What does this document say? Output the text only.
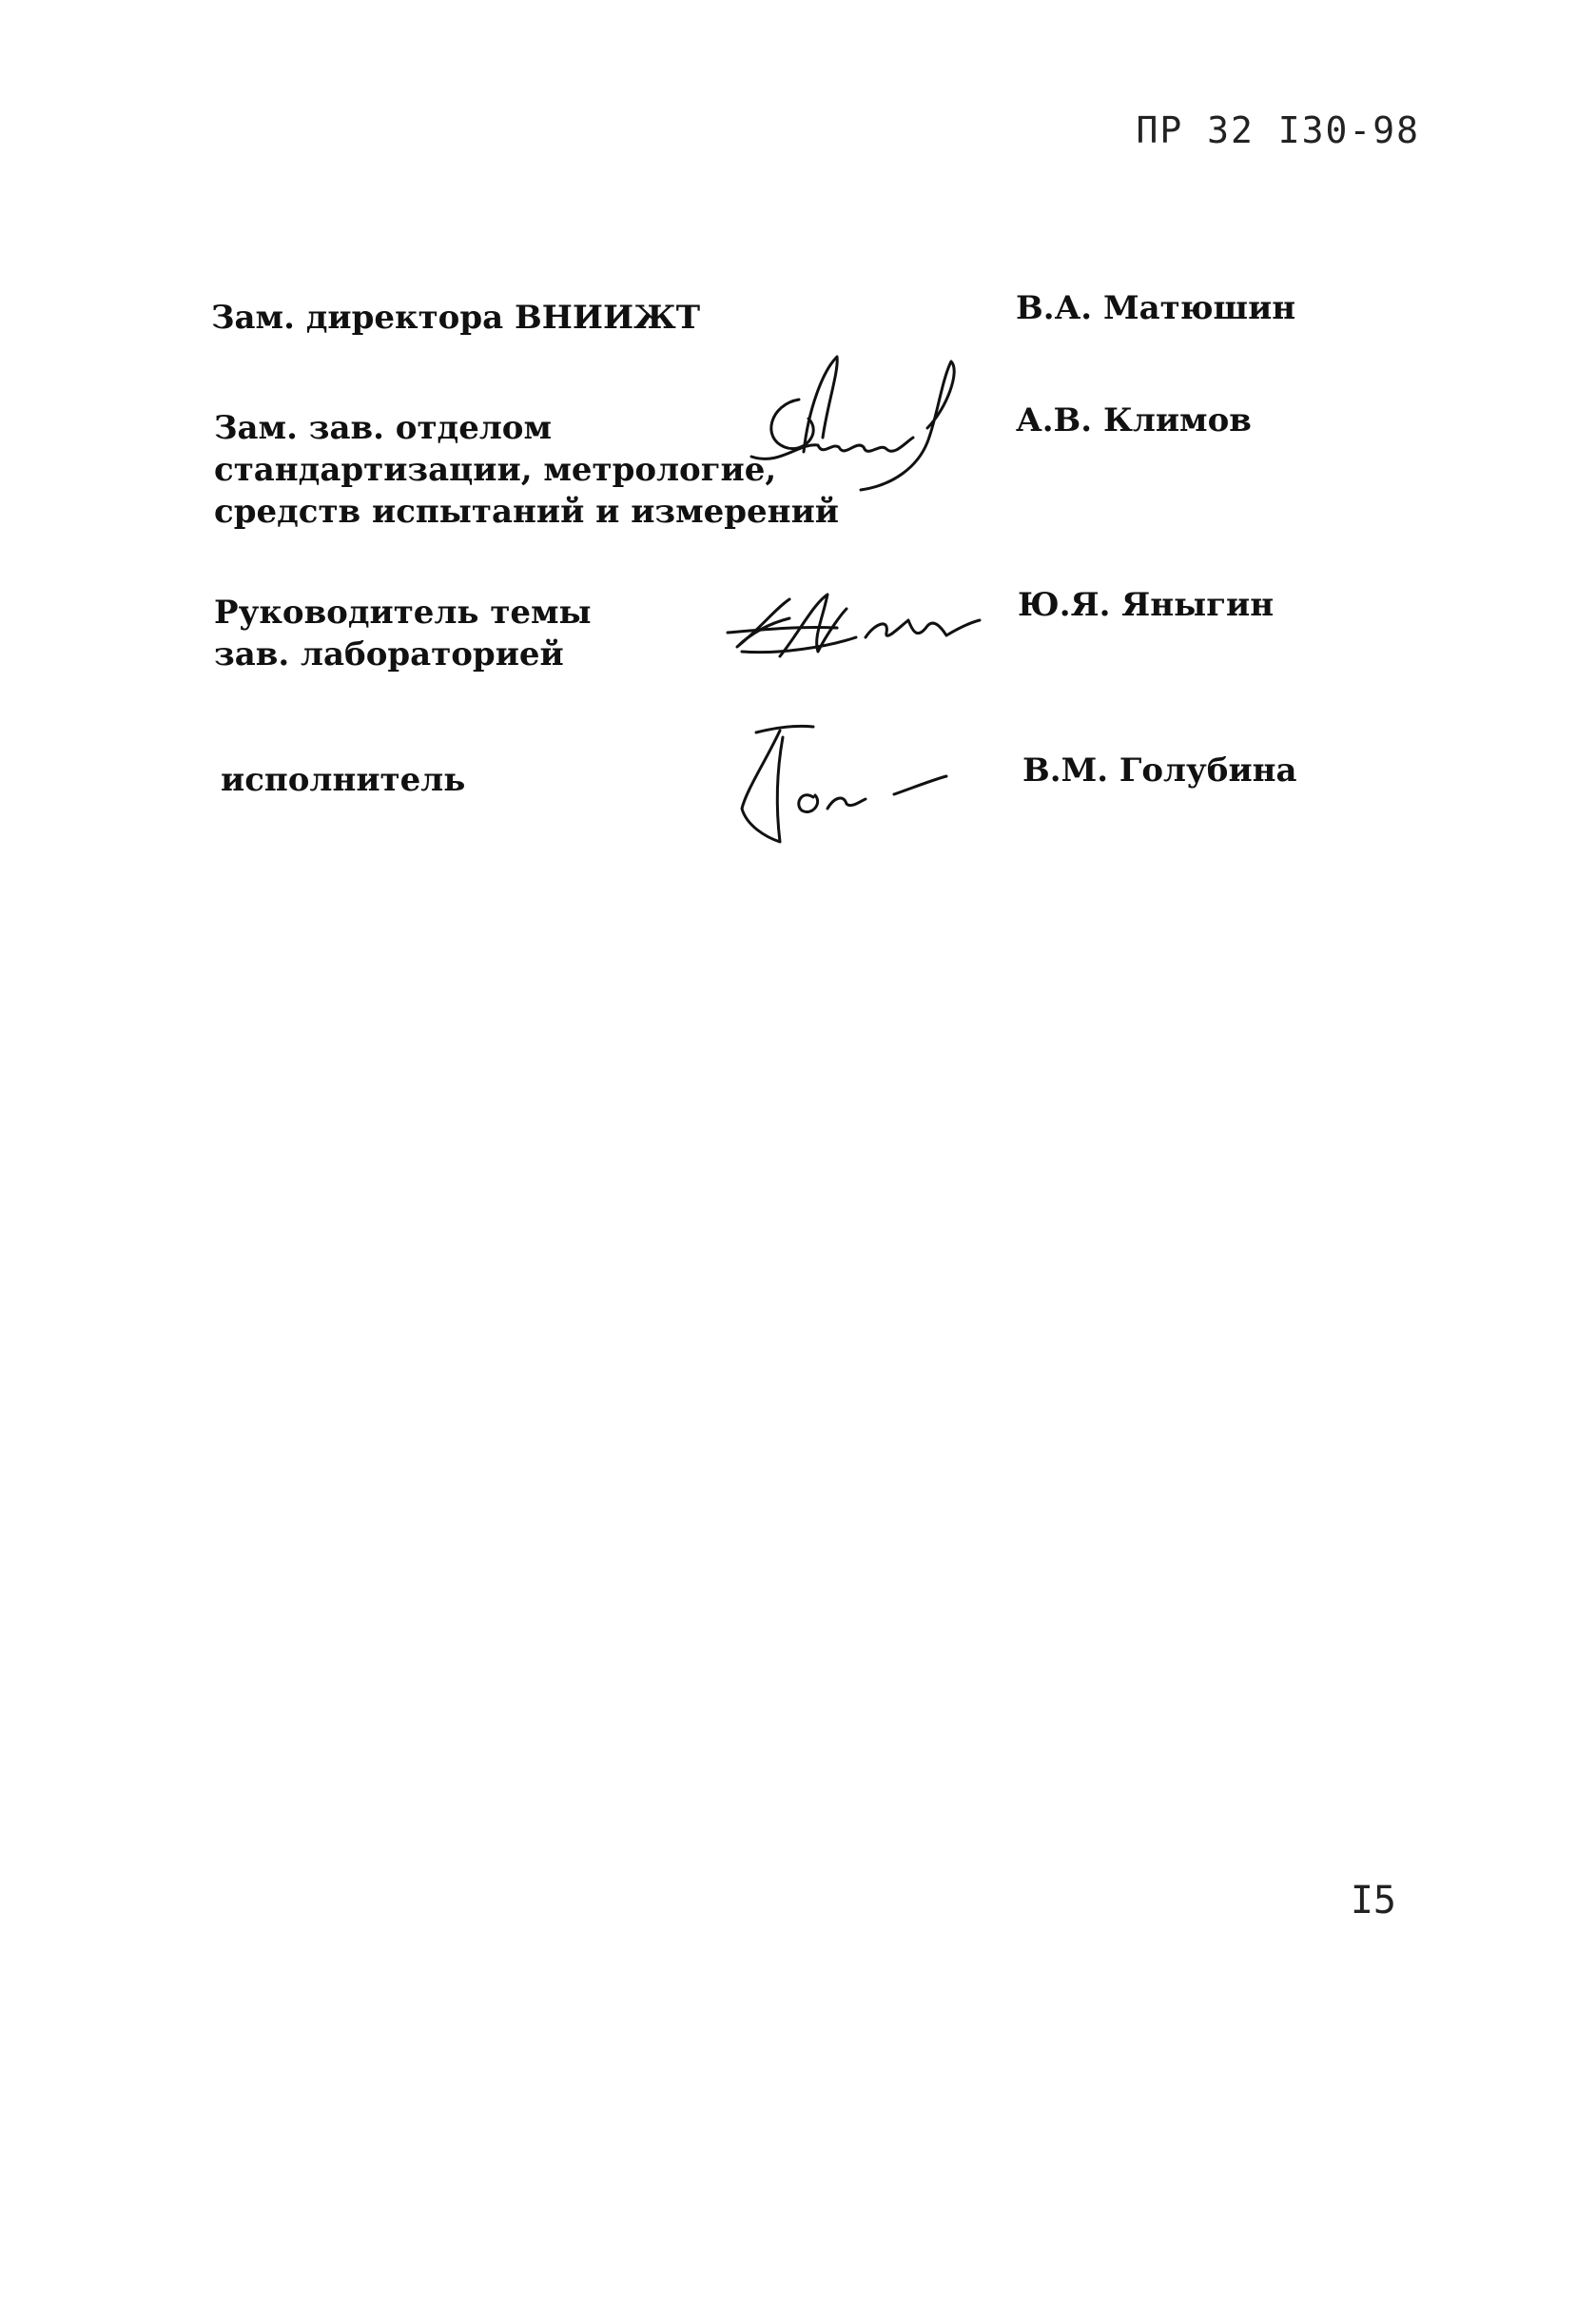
ПР 32 I30-98
Зам. директора ВНИИЖТ	В.А. Матюшин
Зам. зав. отделом
стандартизации, метрологие,
средств испытаний и измерений
А.В. Климов
Руководитель темы
зав. лабораторией
Ю.Я. Яныгин
исполнитель	В.М. Голубина
I5
